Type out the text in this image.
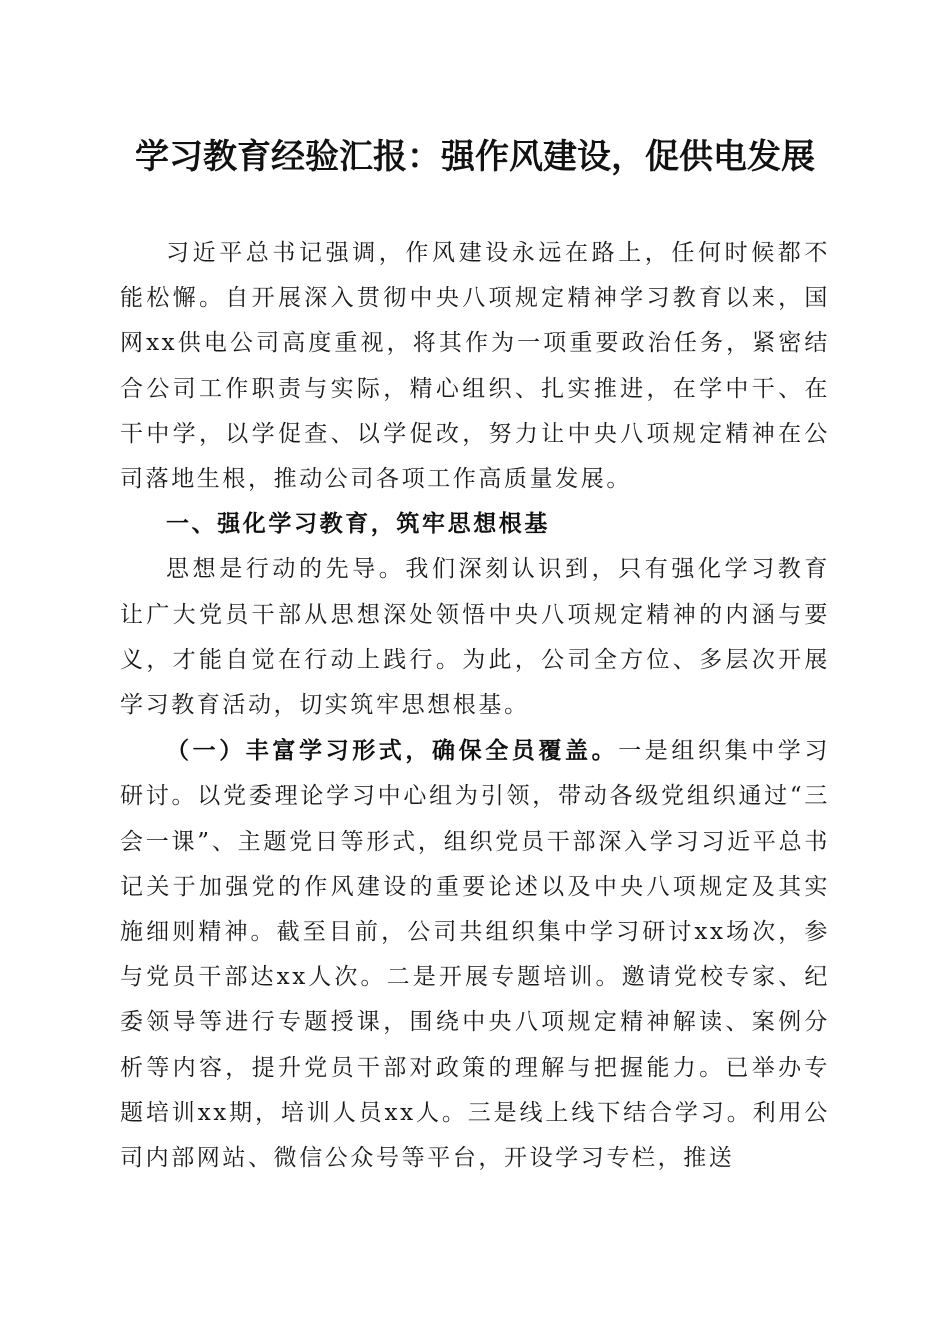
学习教育经验汇报：强作风建设，促供电发展

习近平总书记强调，作风建设永远在路上，任何时候都不能松懈。自开展深入贯彻中央八项规定精神学习教育以来，国网xx供电公司高度重视，将其作为一项重要政治任务，紧密结合公司工作职责与实际，精心组织、扎实推进，在学中干、在干中学，以学促查、以学促改，努力让中央八项规定精神在公司落地生根，推动公司各项工作高质量发展。

一、强化学习教育，筑牢思想根基

思想是行动的先导。我们深刻认识到，只有强化学习教育让广大党员干部从思想深处领悟中央八项规定精神的内涵与要义，才能自觉在行动上践行。为此，公司全方位、多层次开展学习教育活动，切实筑牢思想根基。

（一）丰富学习形式，确保全员覆盖。一是组织集中学习研讨。以党委理论学习中心组为引领，带动各级党组织通过“三会一课”、主题党日等形式，组织党员干部深入学习习近平总书记关于加强党的作风建设的重要论述以及中央八项规定及其实施细则精神。截至目前，公司共组织集中学习研讨xx场次，参与党员干部达xx人次。二是开展专题培训。邀请党校专家、纪委领导等进行专题授课，围绕中央八项规定精神解读、案例分析等内容，提升党员干部对政策的理解与把握能力。已举办专题培训xx期，培训人员xx人。三是线上线下结合学习。利用公司内部网站、微信公众号等平台，开设学习专栏，推送
